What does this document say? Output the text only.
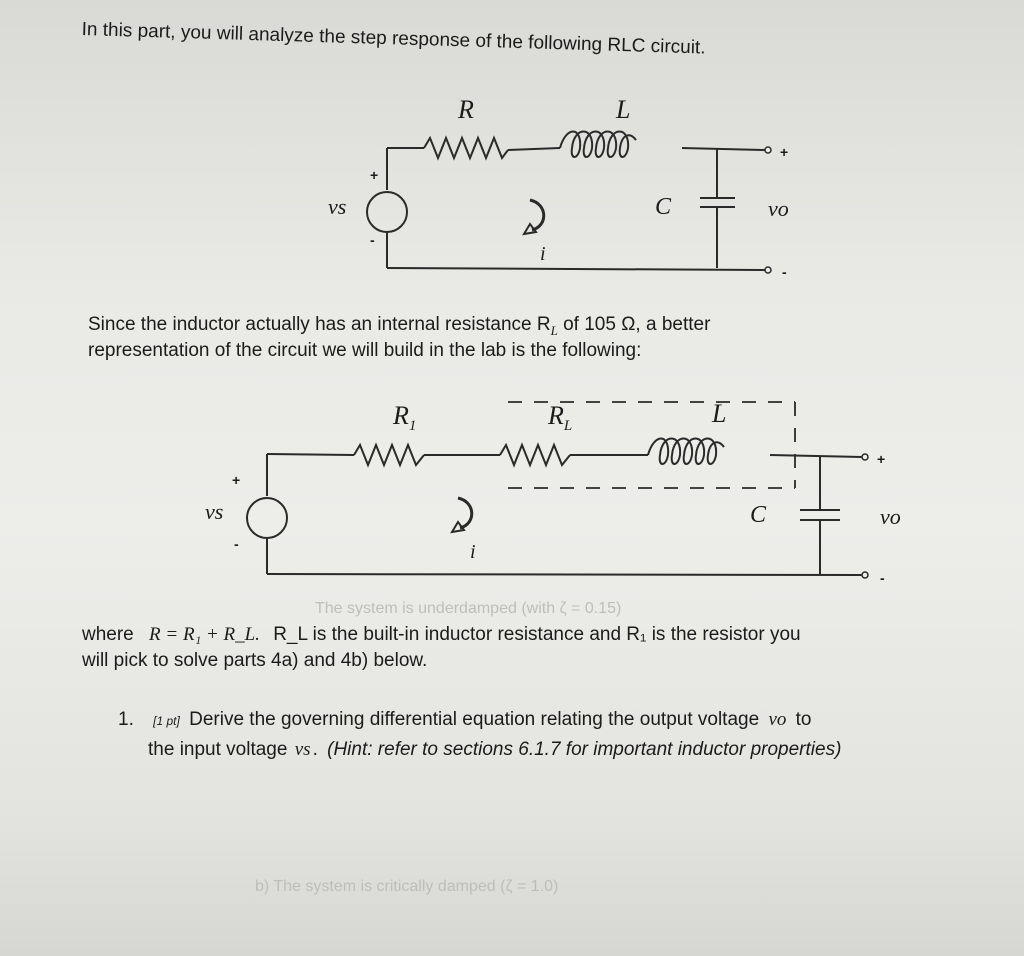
In this part, you will analyze the step response of the following RLC circuit.
R	L
C
vs	vo
i
+
-
+
-
Since the inductor actually has an internal resistance $R_L$ of 105 Ω, a better
representation of the circuit we will build in the lab is the following:
$R_1$	$R_L$	L
C
vs	vo
i
+
-
+
-
The system is underdamped (with ζ = 0.15)
b) The system is critically damped (ζ = 1.0)
where R = R₁ + R_L. R_L is the built-in inductor resistance and R₁ is the resistor you
will pick to solve parts 4a) and 4b) below.
1. [1 pt] Derive the governing differential equation relating the output voltage vo to
the input voltage vs . (Hint: refer to sections 6.1.7 for important inductor properties)
